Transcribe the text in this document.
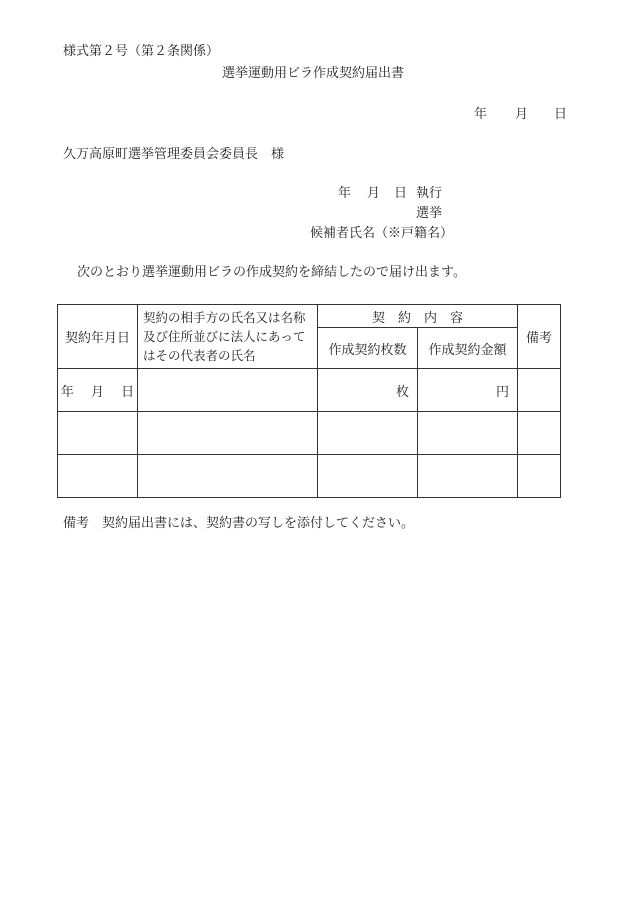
様式第２号（第２条関係）
選挙運動用ビラ作成契約届出書
年 月 日
久万高原町選挙管理委員会委員長　様
年 月 日 執行
選挙
候補者氏名（※戸籍名）
次のとおり選挙運動用ビラの作成契約を締結したので届け出ます。
契約年月日	契約の相手方の氏名又は名称及び住所並びに法人にあってはその代表者の氏名	契　約　内　容		備考
		作成契約枚数	作成契約金額	
年　 月　 日		枚	円	

備考　契約届出書には、契約書の写しを添付してください。
